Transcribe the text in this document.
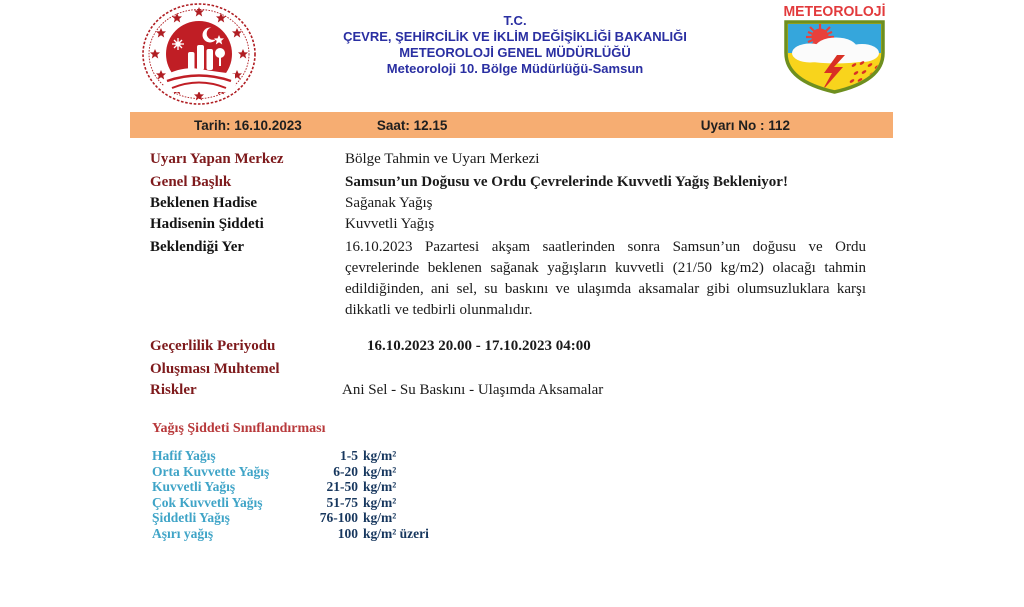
T.C.
ÇEVRE, ŞEHİRCİLİK VE İKLİM DEĞİŞİKLİĞİ BAKANLIĞI
METEOROLOJİ GENEL MÜDÜRLÜĞÜ
Meteoroloji 10. Bölge Müdürlüğü-Samsun
METEOROLOJİ
Tarih: 16.10.2023	Saat: 12.15	Uyarı No : 112
Uyarı Yapan Merkez	Bölge Tahmin ve Uyarı Merkezi
Genel Başlık	Samsun’un Doğusu ve Ordu Çevrelerinde Kuvvetli Yağış Bekleniyor!
Beklenen Hadise	Sağanak Yağış
Hadisenin Şiddeti	Kuvvetli Yağış
Beklendiği Yer	16.10.2023 Pazartesi akşam saatlerinden sonra Samsun’un doğusu ve Ordu çevrelerinde beklenen sağanak yağışların kuvvetli (21/50 kg/m2) olacağı tahmin edildiğinden, ani sel, su baskını ve ulaşımda aksamalar gibi olumsuzluklara karşı dikkatli ve tedbirli olunmalıdır.
Geçerlilik Periyodu	16.10.2023 20.00 - 17.10.2023 04:00
Oluşması Muhtemel Riskler	Ani Sel - Su Baskını - Ulaşımda Aksamalar
Yağış Şiddeti Sınıflandırması
Hafif Yağış	1-5 kg/m²
Orta Kuvvette Yağış	6-20 kg/m²
Kuvvetli Yağış	21-50 kg/m²
Çok Kuvvetli Yağış	51-75 kg/m²
Şiddetli Yağış	76-100 kg/m²
Aşırı yağış	100 kg/m² üzeri
